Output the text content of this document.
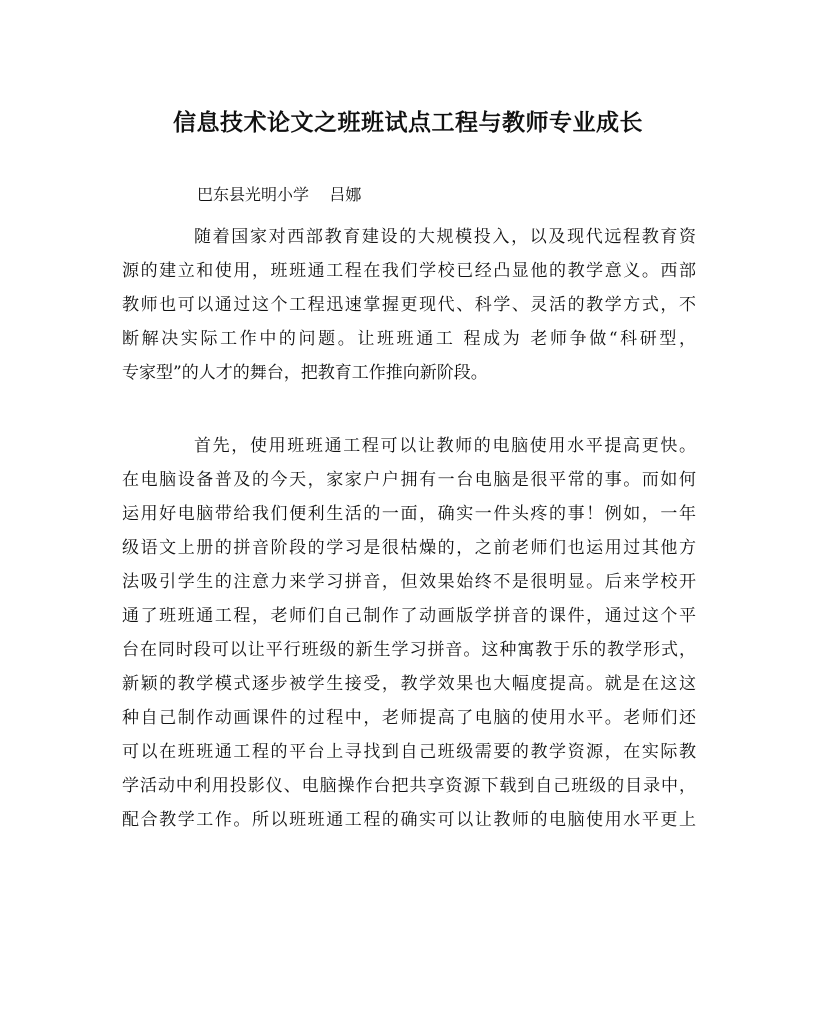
信息技术论文之班班试点工程与教师专业成长
巴东县光明小学    吕娜
随着国家对西部教育建设的大规模投入，以及现代远程教育资
源的建立和使用，班班通工程在我们学校已经凸显他的教学意义。西部
教师也可以通过这个工程迅速掌握更现代、科学、灵活的教学方式，不
断解决实际工作中的问题。让班班通工 程成为 老师争做“科研型，
专家型”的人才的舞台，把教育工作推向新阶段。
首先，使用班班通工程可以让教师的电脑使用水平提高更快。
在电脑设备普及的今天，家家户户拥有一台电脑是很平常的事。而如何
运用好电脑带给我们便利生活的一面，确实一件头疼的事！例如，一年
级语文上册的拼音阶段的学习是很枯燥的，之前老师们也运用过其他方
法吸引学生的注意力来学习拼音，但效果始终不是很明显。后来学校开
通了班班通工程，老师们自己制作了动画版学拼音的课件，通过这个平
台在同时段可以让平行班级的新生学习拼音。这种寓教于乐的教学形式，
新颖的教学模式逐步被学生接受，教学效果也大幅度提高。就是在这这
种自己制作动画课件的过程中，老师提高了电脑的使用水平。老师们还
可以在班班通工程的平台上寻找到自己班级需要的教学资源，在实际教
学活动中利用投影仪、电脑操作台把共享资源下载到自己班级的目录中，
配合教学工作。所以班班通工程的确实可以让教师的电脑使用水平更上
